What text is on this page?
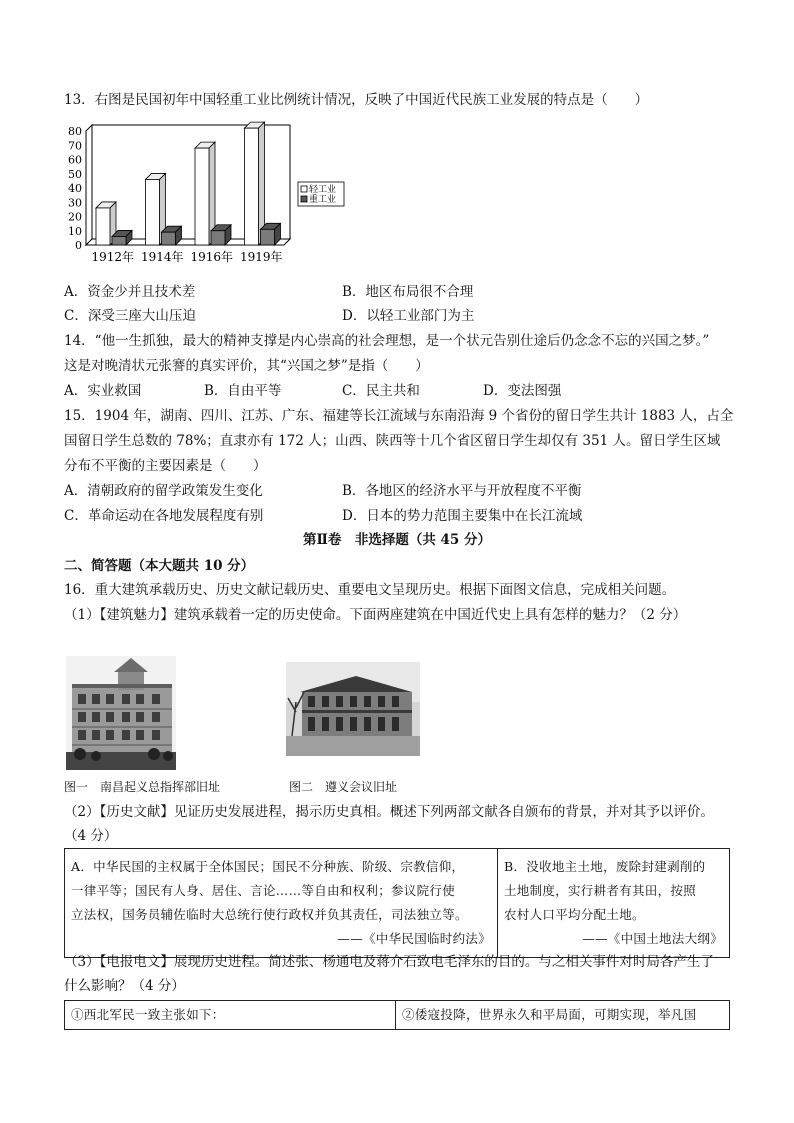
13．右图是民国初年中国轻重工业比例统计情况，反映了中国近代民族工业发展的特点是（　　）
0
10
20
30
40
50
60
70
80
1912年 1914年 1916年 1919年
轻工业
重工业
A．资金少并且技术差	B．地区布局很不合理
C．深受三座大山压迫	D．以轻工业部门为主
14．“他一生抓独，最大的精神支撑是内心崇高的社会理想，是一个状元告别仕途后仍念念不忘的兴国之梦。”
这是对晚清状元张謇的真实评价，其“兴国之梦”是指（　　）
A．实业救国	B．自由平等	C．民主共和	D．变法图强
15．1904 年，湖南、四川、江苏、广东、福建等长江流域与东南沿海 9 个省份的留日学生共计 1883 人，占全
国留日学生总数的 78%；直隶亦有 172 人；山西、陕西等十几个省区留日学生却仅有 351 人。留日学生区域
分布不平衡的主要因素是（　　）
A．清朝政府的留学政策发生变化	B．各地区的经济水平与开放程度不平衡
C．革命运动在各地发展程度有别	D．日本的势力范围主要集中在长江流域
第Ⅱ卷　非选择题（共 45 分）
二、简答题（本大题共 10 分）
16．重大建筑承载历史、历史文献记载历史、重要电文呈现历史。根据下面图文信息，完成相关问题。
（1）【建筑魅力】建筑承载着一定的历史使命。下面两座建筑在中国近代史上具有怎样的魅力？（2 分）
图一　南昌起义总指挥部旧址	图二　遵义会议旧址
（2）【历史文献】见证历史发展进程，揭示历史真相。概述下列两部文献各自颁布的背景，并对其予以评价。
（4 分）
A．中华民国的主权属于全体国民；国民不分种族、阶级、宗教信仰，
一律平等；国民有人身、居住、言论……等自由和权利；参议院行使
立法权，国务员辅佐临时大总统行使行政权并负其责任，司法独立等。
——《中华民国临时约法》

B．没收地主土地，废除封建剥削的
土地制度，实行耕者有其田，按照
农村人口平均分配土地。
——《中国土地法大纲》
（3）【电报电文】展现历史进程。简述张、杨通电及蒋介石致电毛泽东的目的。与之相关事件对时局各产生了
什么影响？（4 分）
①西北军民一致主张如下：	②倭寇投降，世界永久和平局面，可期实现，举凡国
